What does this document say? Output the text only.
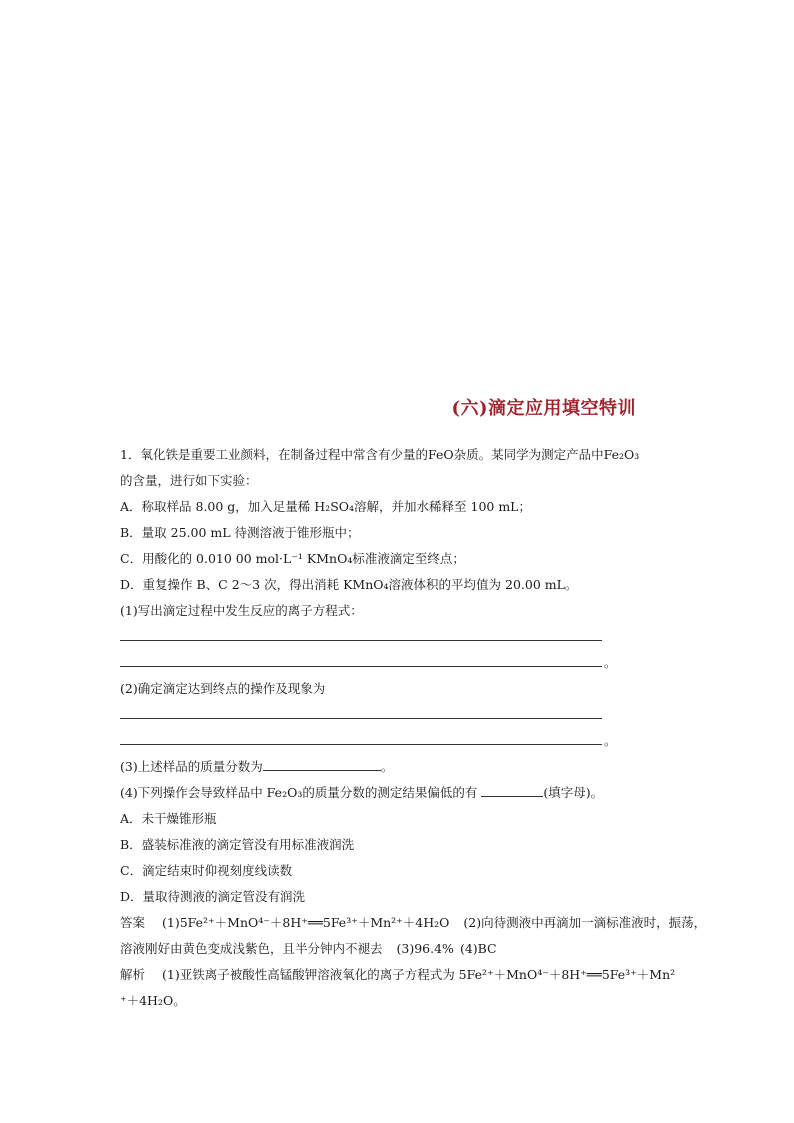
(六)滴定应用填空特训
1．氧化铁是重要工业颜料，在制备过程中常含有少量的FeO杂质。某同学为测定产品中Fe₂O₃
的含量，进行如下实验：
A．称取样品 8.00 g，加入足量稀 H₂SO₄溶解，并加水稀释至 100 mL；
B．量取 25.00 mL 待测溶液于锥形瓶中；
C．用酸化的 0.010 00 mol·L⁻¹ KMnO₄标准液滴定至终点；
D．重复操作 B、C 2～3 次，得出消耗 KMnO₄溶液体积的平均值为 20.00 mL。
(1)写出滴定过程中发生反应的离子方程式：
。
(2)确定滴定达到终点的操作及现象为
。
(3)上述样品的质量分数为	。
(4)下列操作会导致样品中 Fe₂O₃的质量分数的测定结果偏低的有	(填字母)。
A．未干燥锥形瓶
B．盛装标准液的滴定管没有用标准液润洗
C．滴定结束时仰视刻度线读数
D．量取待测液的滴定管没有润洗
答案 (1)5Fe²⁺＋MnO⁴⁻＋8H⁺══5Fe³⁺＋Mn²⁺＋4H₂O (2)向待测液中再滴加一滴标准液时，振荡，
溶液刚好由黄色变成浅紫色，且半分钟内不褪去 (3)96.4% (4)BC
解析 (1)亚铁离子被酸性高锰酸钾溶液氧化的离子方程式为 5Fe²⁺＋MnO⁴⁻＋8H⁺══5Fe³⁺＋Mn²
⁺＋4H₂O。
